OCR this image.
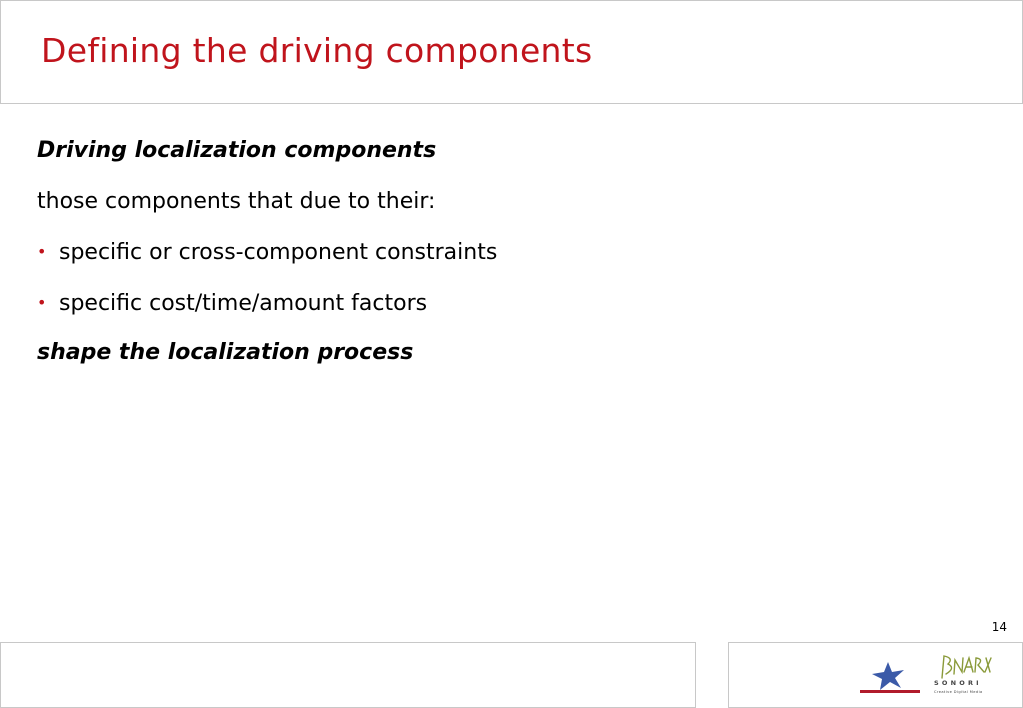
Defining the driving components
Driving localization components
those components that due to their:
• specific or cross-component constraints
• specific cost/time/amount factors
shape the localization process
14
SONORI
Creative Digital Media
